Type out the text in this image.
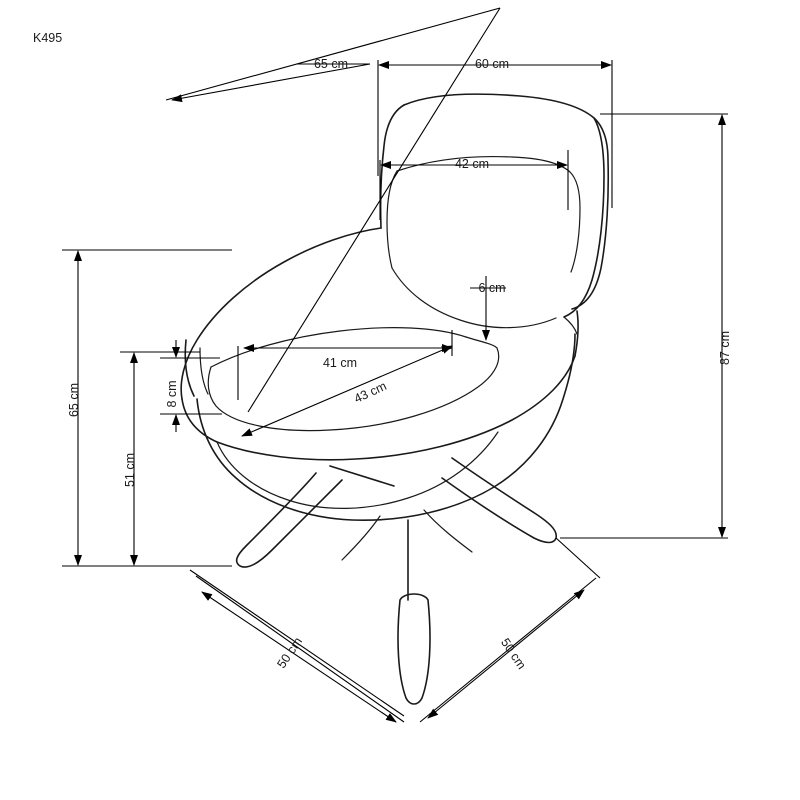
K495
65 cm	60 cm
42 cm
87 cm
65 cm
51 cm
8 cm
6 cm
41 cm
43 cm
50 cm	50 cm
